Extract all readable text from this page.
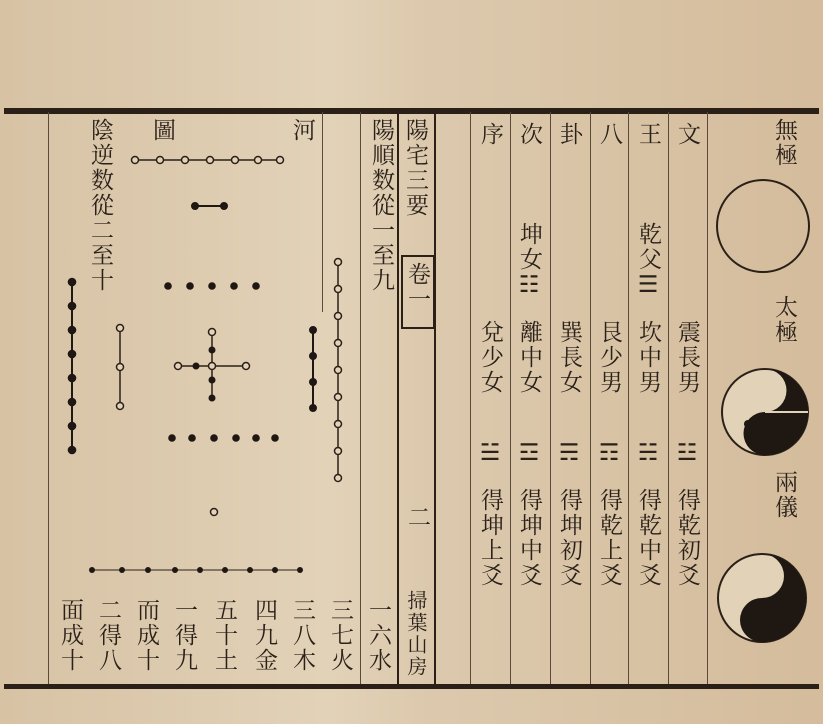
陽宅三要
卷一
二
掃葉山房
無極
太極
兩儀
文
震長男
☳
得乾初爻
王
乾父☰
坎中男
☵
得乾中爻
八
艮少男
☶
得乾上爻
卦
巽長女
☴
得坤初爻
次
坤女☷
離中女
☲
得坤中爻
序
兌少女
☱
得坤上爻
陽順数從一至九
陰逆数從二至十	河
圖
一六水
三七火
三八木
四九金
五十土
一得九
而成十
二得八
面成十
